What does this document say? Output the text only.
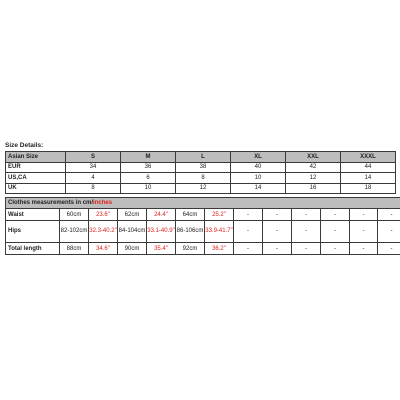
Size Details:
Asian Size	S	M	L	XL	XXL	XXXL
EUR	34	36	38	40	42	44
US,CA	4	6	8	10	12	14
UK	8	10	12	14	16	18
Clothes measurements in cm/inches												
Waist	60cm	23.6"	62cm	24.4"	64cm	25.2"	-	-	-	-	-	-
Hips	82-102cm	32.3-40.2"	84-104cm	33.1-40.9"	86-106cm	33.9-41.7"	-	-	-	-	-	-
Total length	88cm	34.6"	90cm	35.4"	92cm	36.2"	-	-	-	-	-	-
